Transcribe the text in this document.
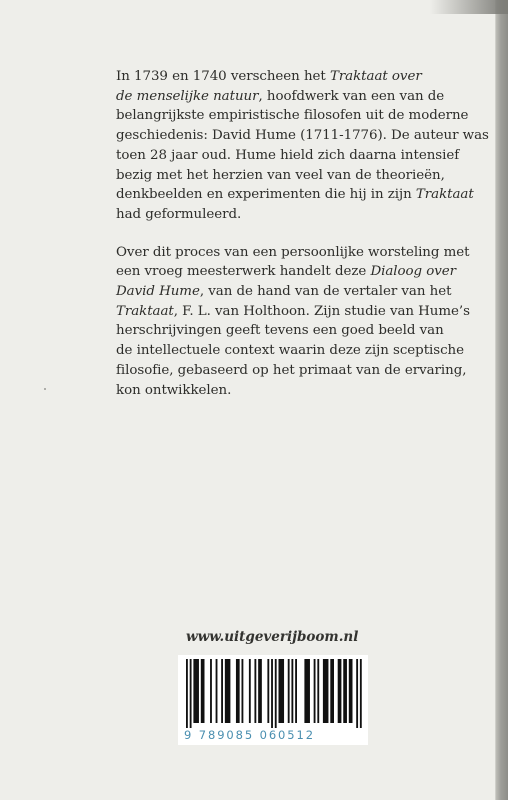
In 1739 en 1740 verscheen het Traktaat over
de menselijke natuur, hoofdwerk van een van de
belangrijkste empiristische filosofen uit de moderne
geschiedenis: David Hume (1711-1776). De auteur was
toen 28 jaar oud. Hume hield zich daarna intensief
bezig met het herzien van veel van de theorieën,
denkbeelden en experimenten die hij in zijn Traktaat
had geformuleerd.
Over dit proces van een persoonlijke worsteling met
een vroeg meesterwerk handelt deze Dialoog over
David Hume, van de hand van de vertaler van het
Traktaat, F. L. van Holthoon. Zijn studie van Hume’s
herschrijvingen geeft tevens een goed beeld van
de intellectuele context waarin deze zijn sceptische
filosofie, gebaseerd op het primaat van de ervaring,
kon ontwikkelen.
www.uitgeverijboom.nl
9 789085 060512
